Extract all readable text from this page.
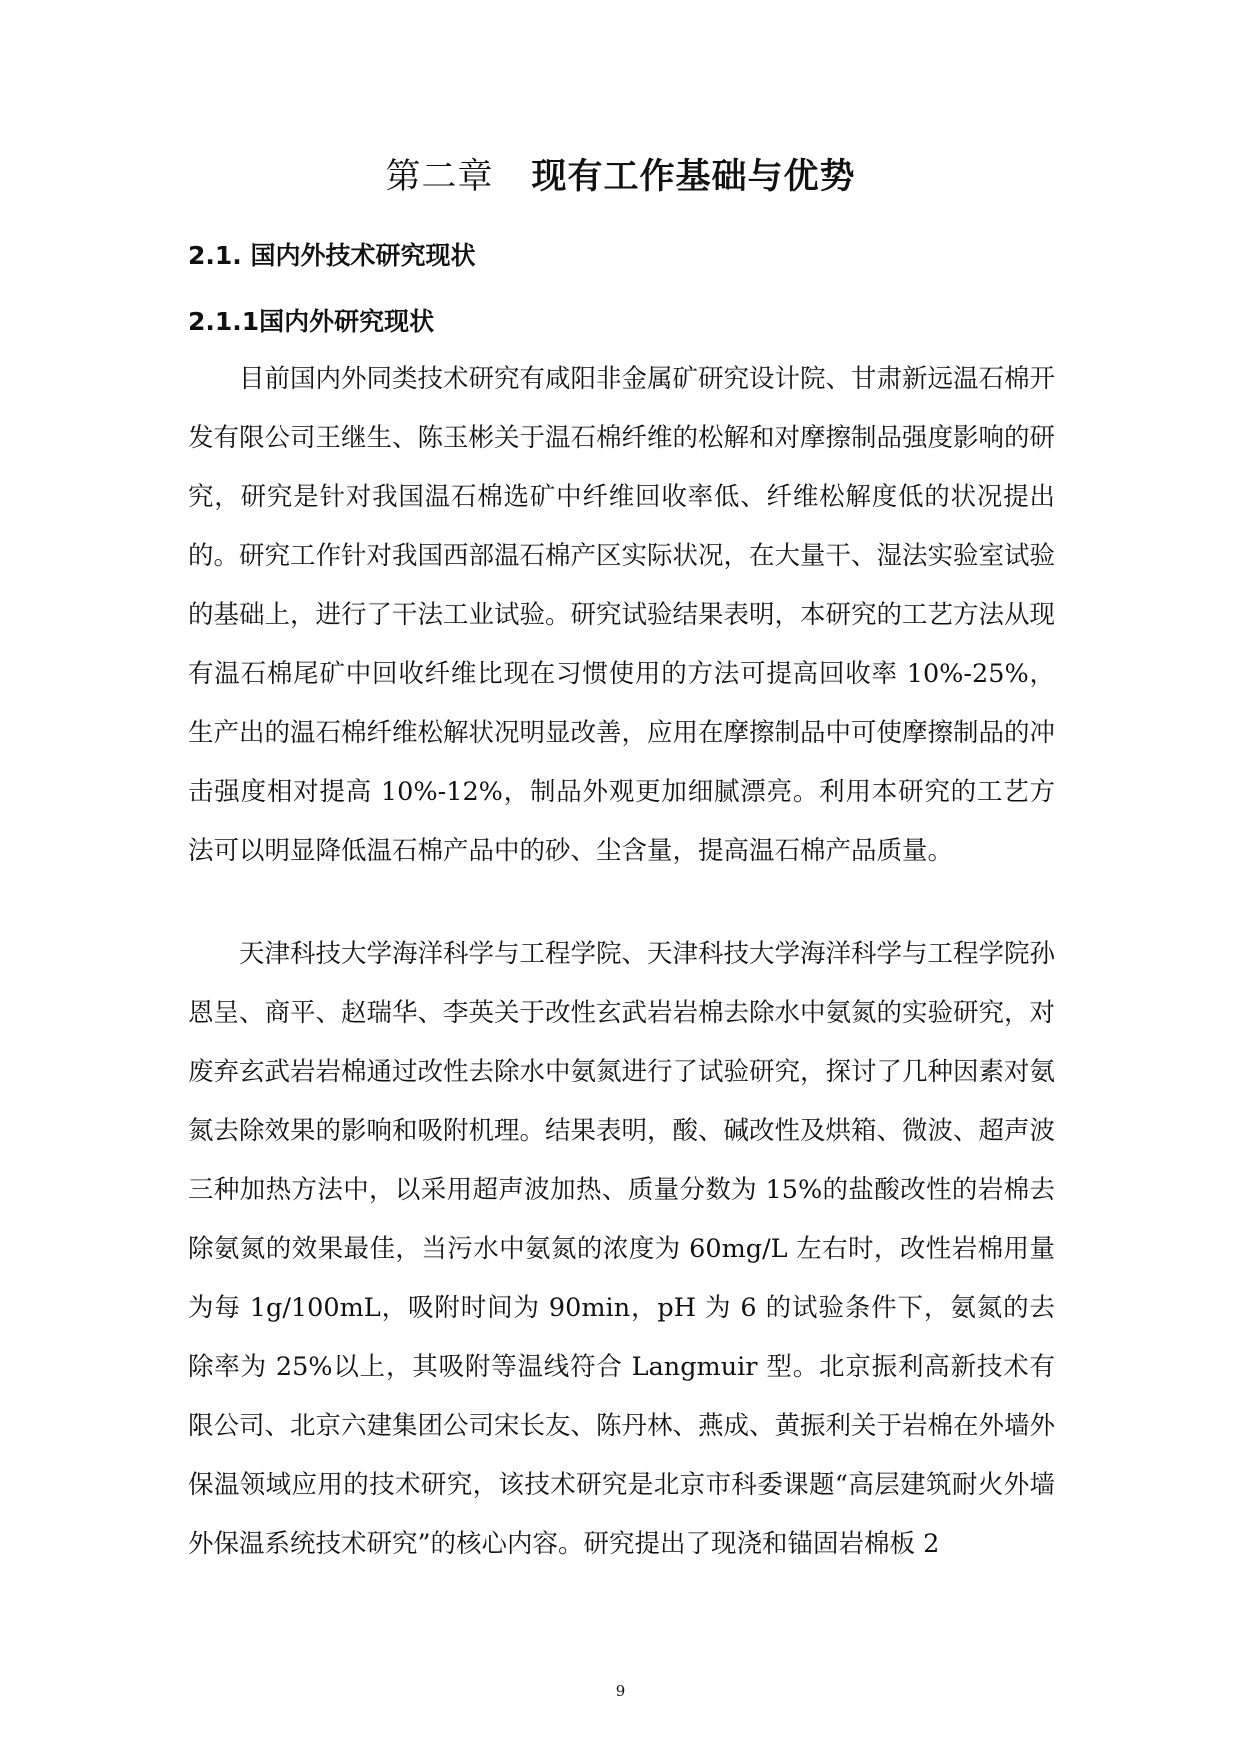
第二章 现有工作基础与优势
2.1. 国内外技术研究现状
2.1.1国内外研究现状

目前国内外同类技术研究有咸阳非金属矿研究设计院、甘肃新远温石棉开发有限公司王继生、陈玉彬关于温石棉纤维的松解和对摩擦制品强度影响的研究，研究是针对我国温石棉选矿中纤维回收率低、纤维松解度低的状况提出的。研究工作针对我国西部温石棉产区实际状况，在大量干、湿法实验室试验的基础上，进行了干法工业试验。研究试验结果表明，本研究的工艺方法从现有温石棉尾矿中回收纤维比现在习惯使用的方法可提高回收率 10%-25%，生产出的温石棉纤维松解状况明显改善，应用在摩擦制品中可使摩擦制品的冲击强度相对提高 10%-12%，制品外观更加细腻漂亮。利用本研究的工艺方法可以明显降低温石棉产品中的砂、尘含量，提高温石棉产品质量。

天津科技大学海洋科学与工程学院、天津科技大学海洋科学与工程学院孙恩呈、商平、赵瑞华、李英关于改性玄武岩岩棉去除水中氨氮的实验研究，对废弃玄武岩岩棉通过改性去除水中氨氮进行了试验研究，探讨了几种因素对氨氮去除效果的影响和吸附机理。结果表明，酸、碱改性及烘箱、微波、超声波三种加热方法中，以采用超声波加热、质量分数为 15%的盐酸改性的岩棉去除氨氮的效果最佳，当污水中氨氮的浓度为 60mg/L 左右时，改性岩棉用量为每 1g/100mL，吸附时间为 90min，pH 为 6 的试验条件下，氨氮的去除率为 25%以上，其吸附等温线符合 Langmuir 型。北京振利高新技术有限公司、北京六建集团公司宋长友、陈丹林、燕成、黄振利关于岩棉在外墙外保温领域应用的技术研究，该技术研究是北京市科委课题“高层建筑耐火外墙外保温系统技术研究”的核心内容。研究提出了现浇和锚固岩棉板 2

9
